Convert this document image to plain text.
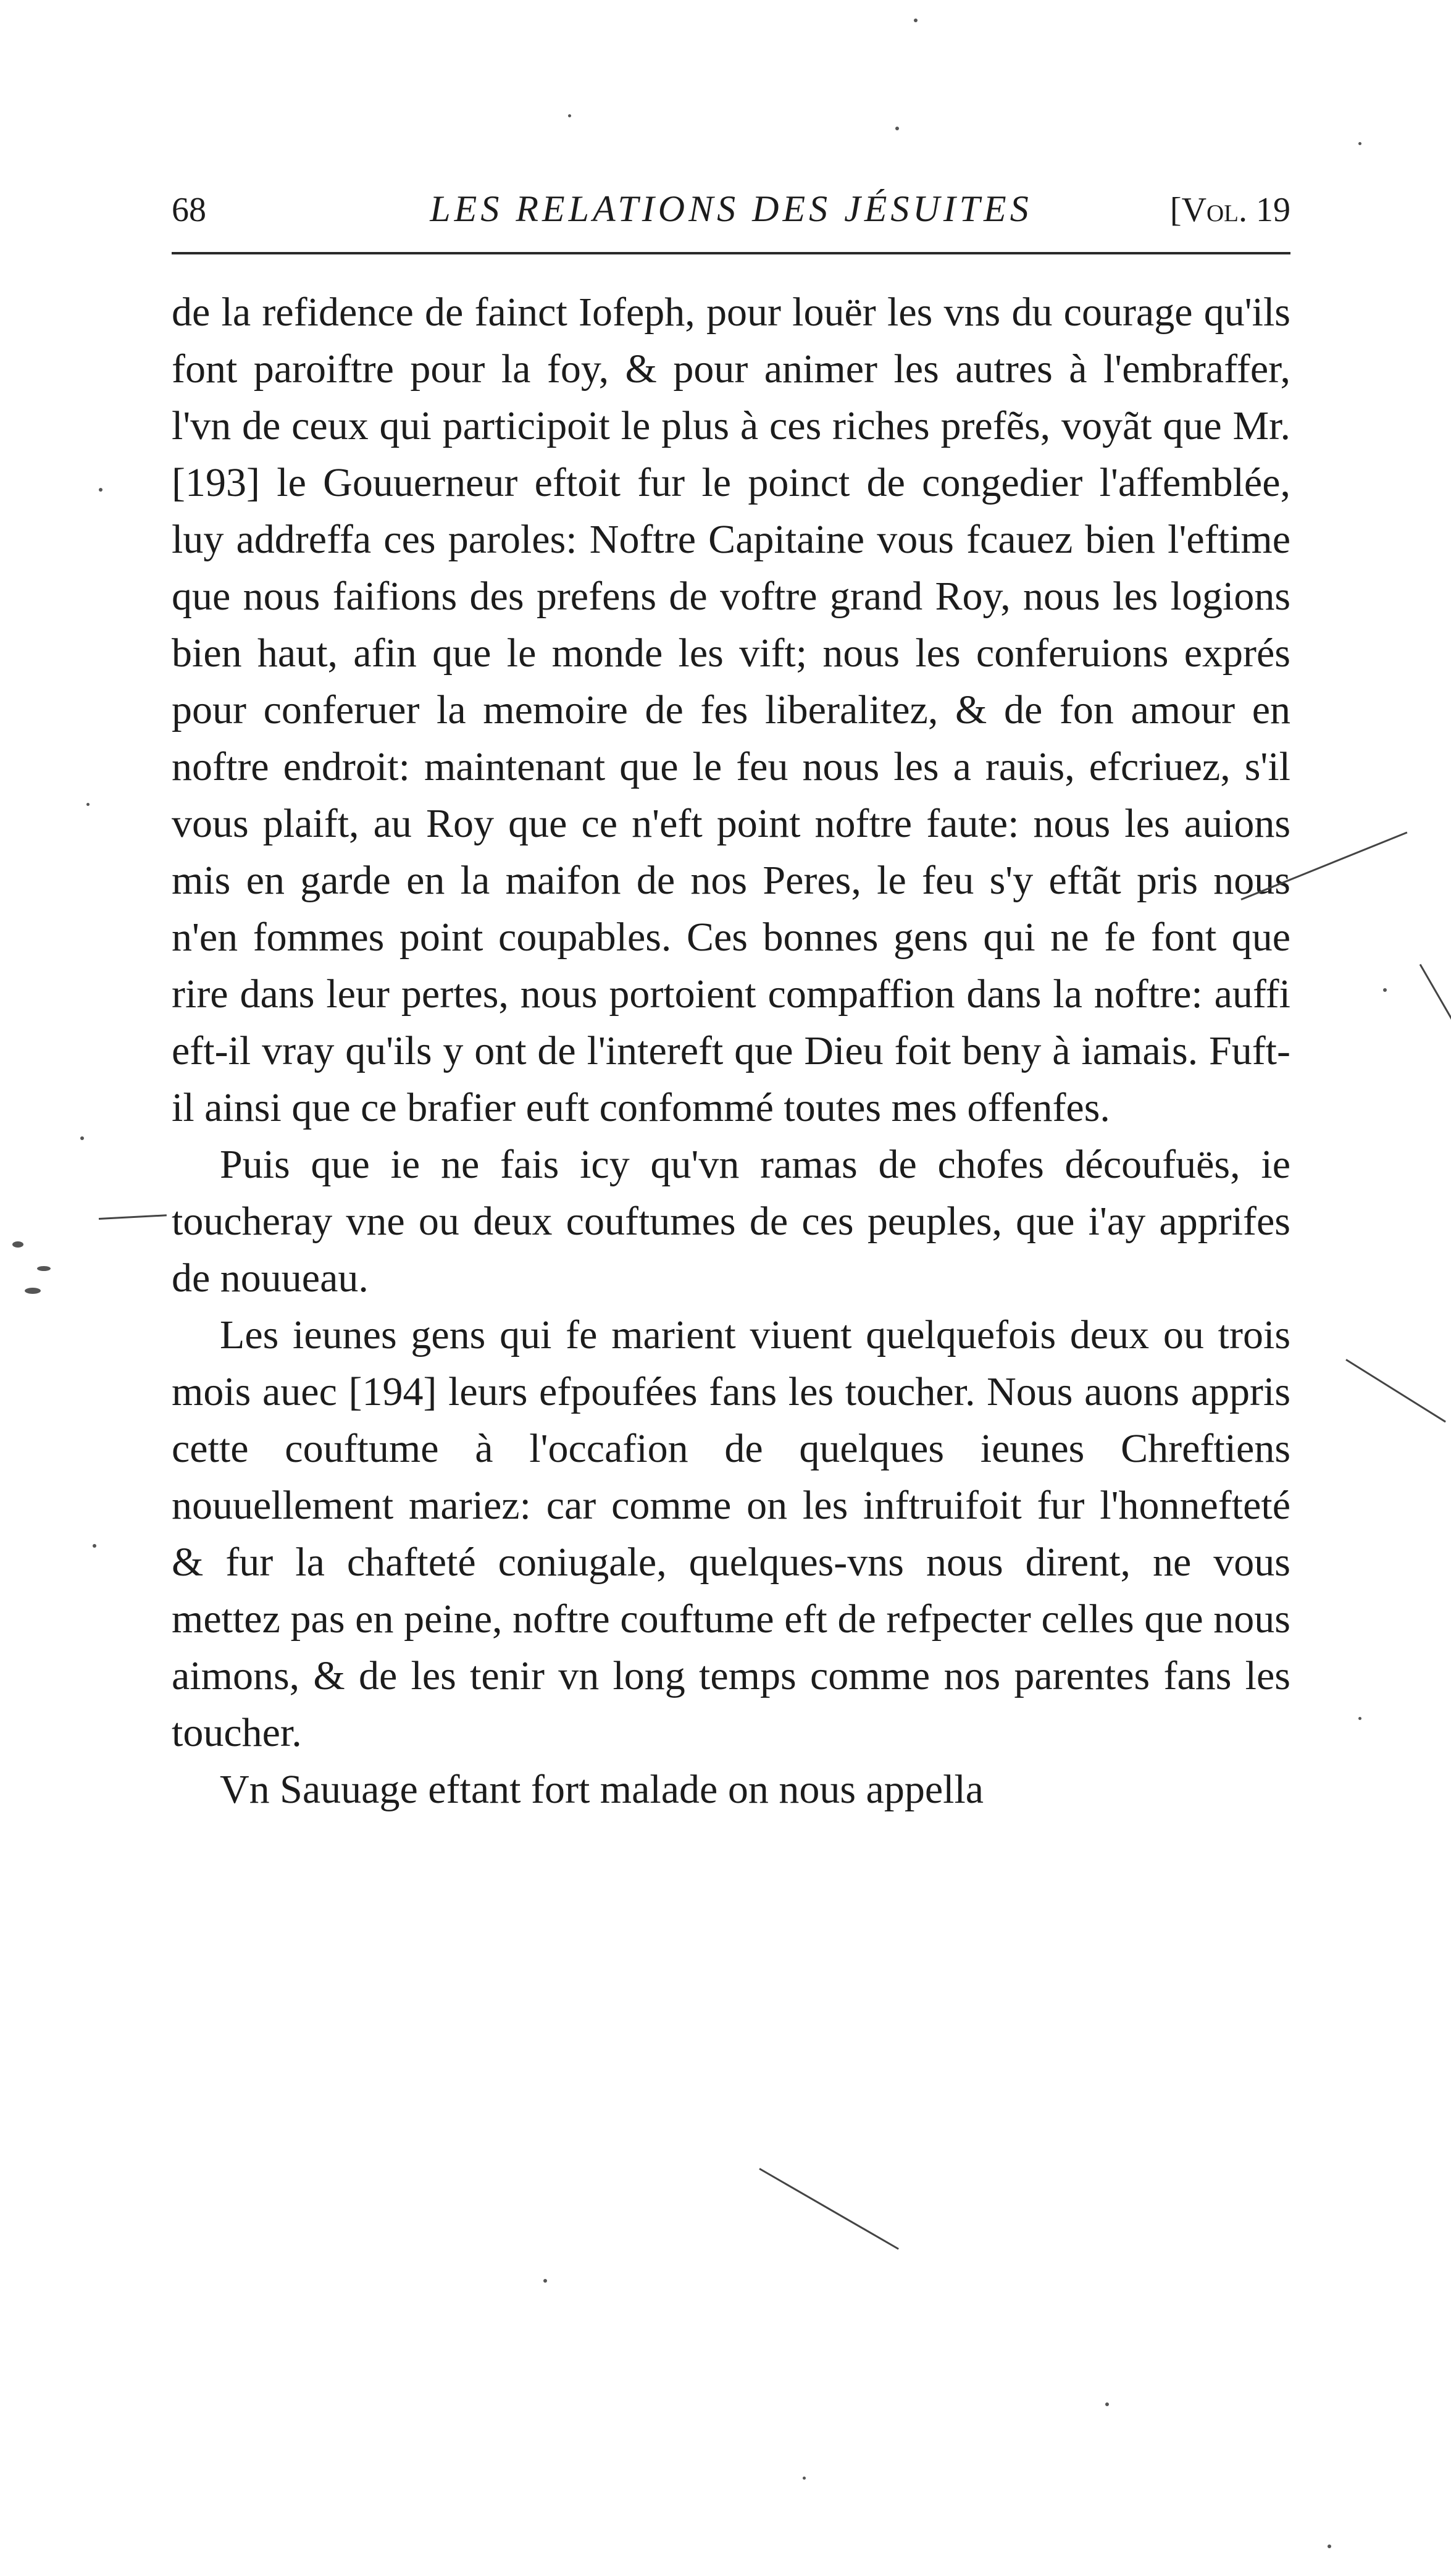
68	LES RELATIONS DES JÉSUITES	[Vol. 19

de la refidence de fainct Iofeph, pour louër les vns du courage qu'ils font paroiftre pour la foy, & pour animer les autres à l'embraffer, l'vn de ceux qui participoit le plus à ces riches prefẽs, voyãt que Mr. [193] le Gouuerneur eftoit fur le poinct de congedier l'affemblée, luy addreffa ces paroles: Noftre Capitaine vous fcauez bien l'eftime que nous faifions des prefens de voftre grand Roy, nous les logions bien haut, afin que le monde les vift; nous les conferuions exprés pour conferuer la memoire de fes liberalitez, & de fon amour en noftre endroit: maintenant que le feu nous les a rauis, efcriuez, s'il vous plaift, au Roy que ce n'eft point noftre faute: nous les auions mis en garde en la maifon de nos Peres, le feu s'y eftãt pris nous n'en fommes point coupables. Ces bonnes gens qui ne fe font que rire dans leur pertes, nous portoient compaffion dans la noftre: auffi eft-il vray qu'ils y ont de l'intereft que Dieu foit beny à iamais. Fuft-il ainsi que ce brafier euft confommé toutes mes offenfes.

Puis que ie ne fais icy qu'vn ramas de chofes découfuës, ie toucheray vne ou deux couftumes de ces peuples, que i'ay apprifes de nouueau.

Les ieunes gens qui fe marient viuent quelquefois deux ou trois mois auec [194] leurs efpoufées fans les toucher. Nous auons appris cette couftume à l'occafion de quelques ieunes Chreftiens nouuellement mariez: car comme on les inftruifoit fur l'honnefteté & fur la chafteté coniugale, quelques-vns nous dirent, ne vous mettez pas en peine, noftre couftume eft de refpecter celles que nous aimons, & de les tenir vn long temps comme nos parentes fans les toucher.

Vn Sauuage eftant fort malade on nous appella
